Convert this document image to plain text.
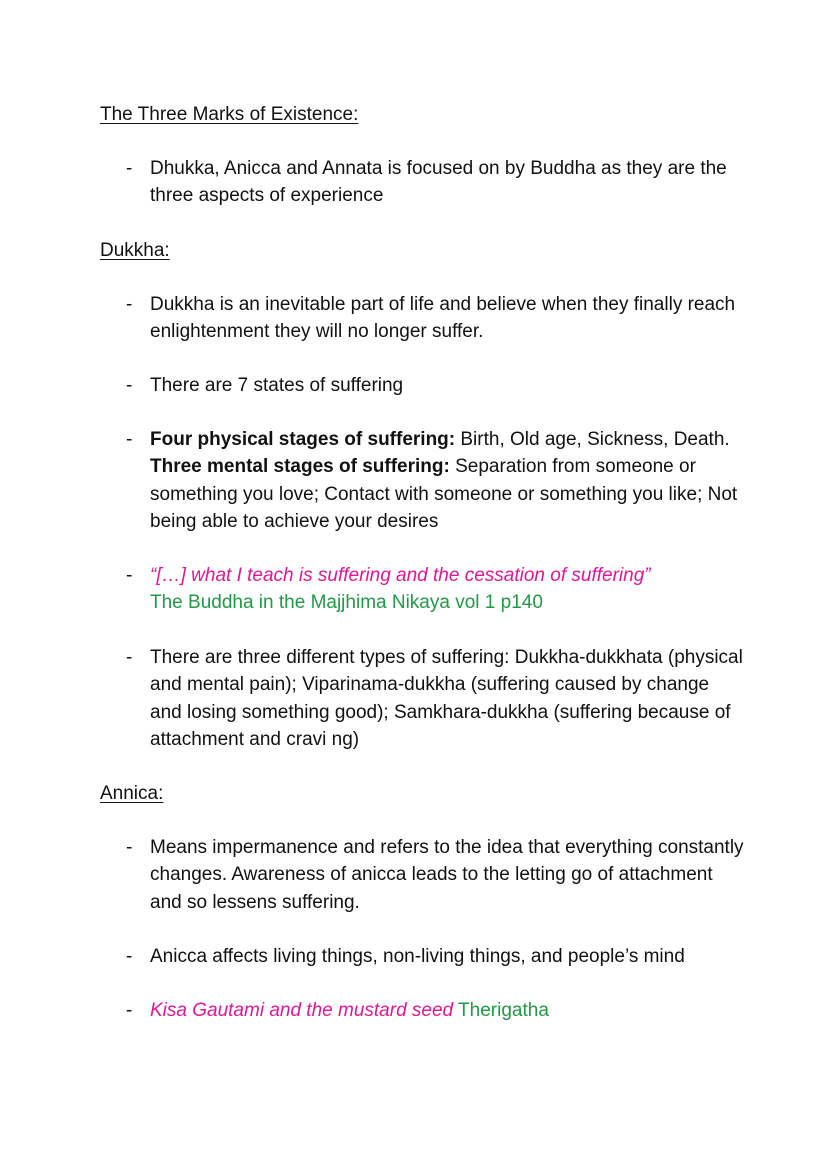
The Three Marks of Existence:
- Dhukka, Anicca and Annata is focused on by Buddha as they are the three aspects of experience
Dukkha:
- Dukkha is an inevitable part of life and believe when they finally reach enlightenment they will no longer suffer.
- There are 7 states of suffering
- Four physical stages of suffering: Birth, Old age, Sickness, Death. Three mental stages of suffering: Separation from someone or something you love; Contact with someone or something you like; Not being able to achieve your desires
- “[…] what I teach is suffering and the cessation of suffering”
The Buddha in the Majjhima Nikaya vol 1 p140
- There are three different types of suffering: Dukkha-dukkhata (physical and mental pain); Viparinama-dukkha (suffering caused by change and losing something good); Samkhara-dukkha (suffering because of attachment and cravi ng)
Annica:
- Means impermanence and refers to the idea that everything constantly changes. Awareness of anicca leads to the letting go of attachment and so lessens suffering.
- Anicca affects living things, non-living things, and people’s mind
- Kisa Gautami and the mustard seed Therigatha
